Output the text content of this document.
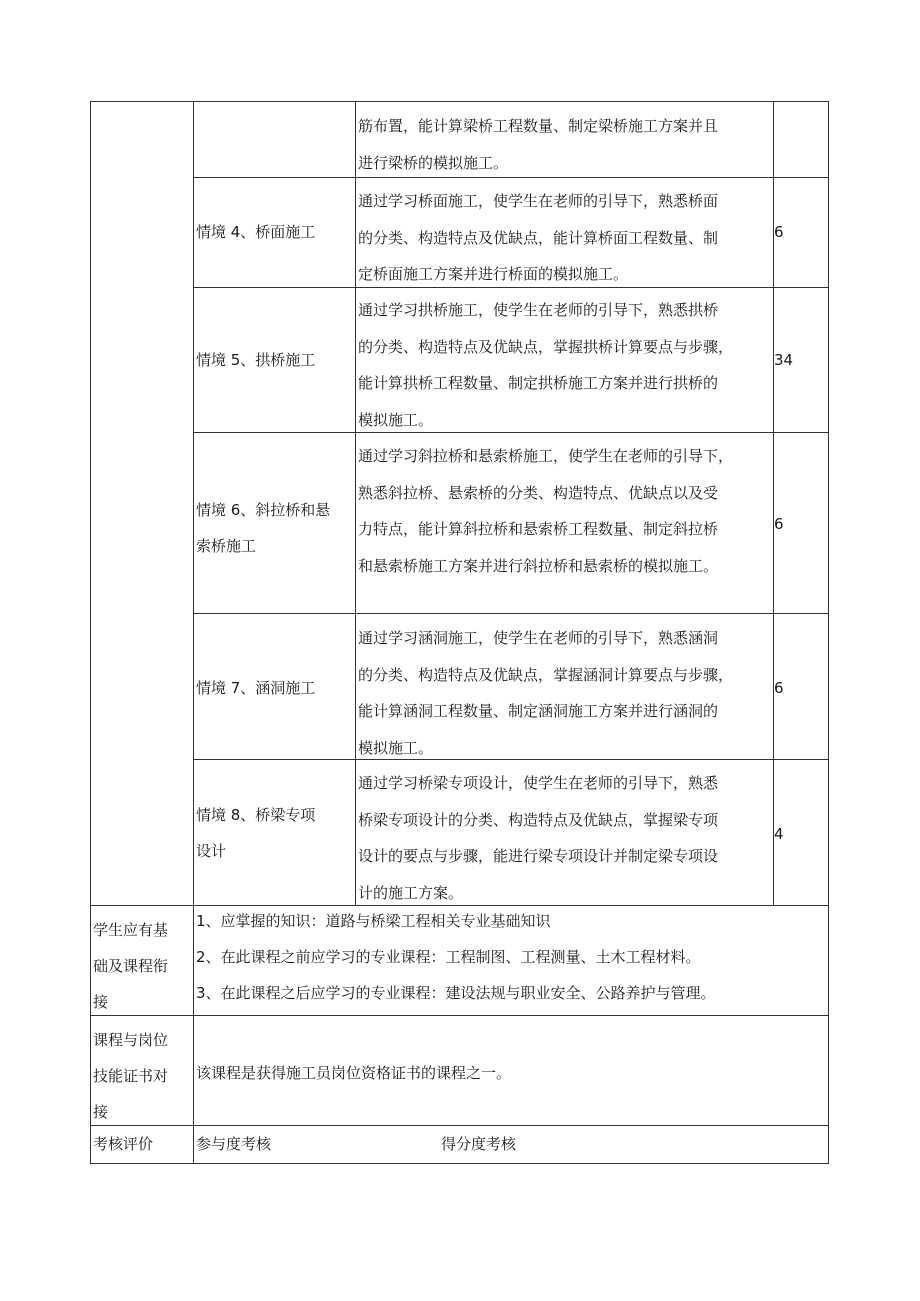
筋布置，能计算梁桥工程数量、制定梁桥施工方案并且
进行梁桥的模拟施工。
情境 4、桥面施工
通过学习桥面施工，使学生在老师的引导下，熟悉桥面
的分类、构造特点及优缺点，能计算桥面工程数量、制
定桥面施工方案并进行桥面的模拟施工。
6
情境 5、拱桥施工
通过学习拱桥施工，使学生在老师的引导下，熟悉拱桥
的分类、构造特点及优缺点，掌握拱桥计算要点与步骤，
能计算拱桥工程数量、制定拱桥施工方案并进行拱桥的
模拟施工。
34
情境 6、斜拉桥和悬
索桥施工
通过学习斜拉桥和悬索桥施工，使学生在老师的引导下，
熟悉斜拉桥、悬索桥的分类、构造特点、优缺点以及受
力特点，能计算斜拉桥和悬索桥工程数量、制定斜拉桥
和悬索桥施工方案并进行斜拉桥和悬索桥的模拟施工。
6
情境 7、涵洞施工
通过学习涵洞施工，使学生在老师的引导下，熟悉涵洞
的分类、构造特点及优缺点，掌握涵洞计算要点与步骤，
能计算涵洞工程数量、制定涵洞施工方案并进行涵洞的
模拟施工。
6
情境 8、桥梁专项
设计
通过学习桥梁专项设计，使学生在老师的引导下，熟悉
桥梁专项设计的分类、构造特点及优缺点，掌握梁专项
设计的要点与步骤，能进行梁专项设计并制定梁专项设
计的施工方案。
4
学生应有基
础及课程衔
接
1、应掌握的知识：道路与桥梁工程相关专业基础知识
2、在此课程之前应学习的专业课程：工程制图、工程测量、土木工程材料。
3、在此课程之后应学习的专业课程：建设法规与职业安全、公路养护与管理。
课程与岗位
技能证书对
接
该课程是获得施工员岗位资格证书的课程之一。
考核评价	参与度考核	得分度考核
